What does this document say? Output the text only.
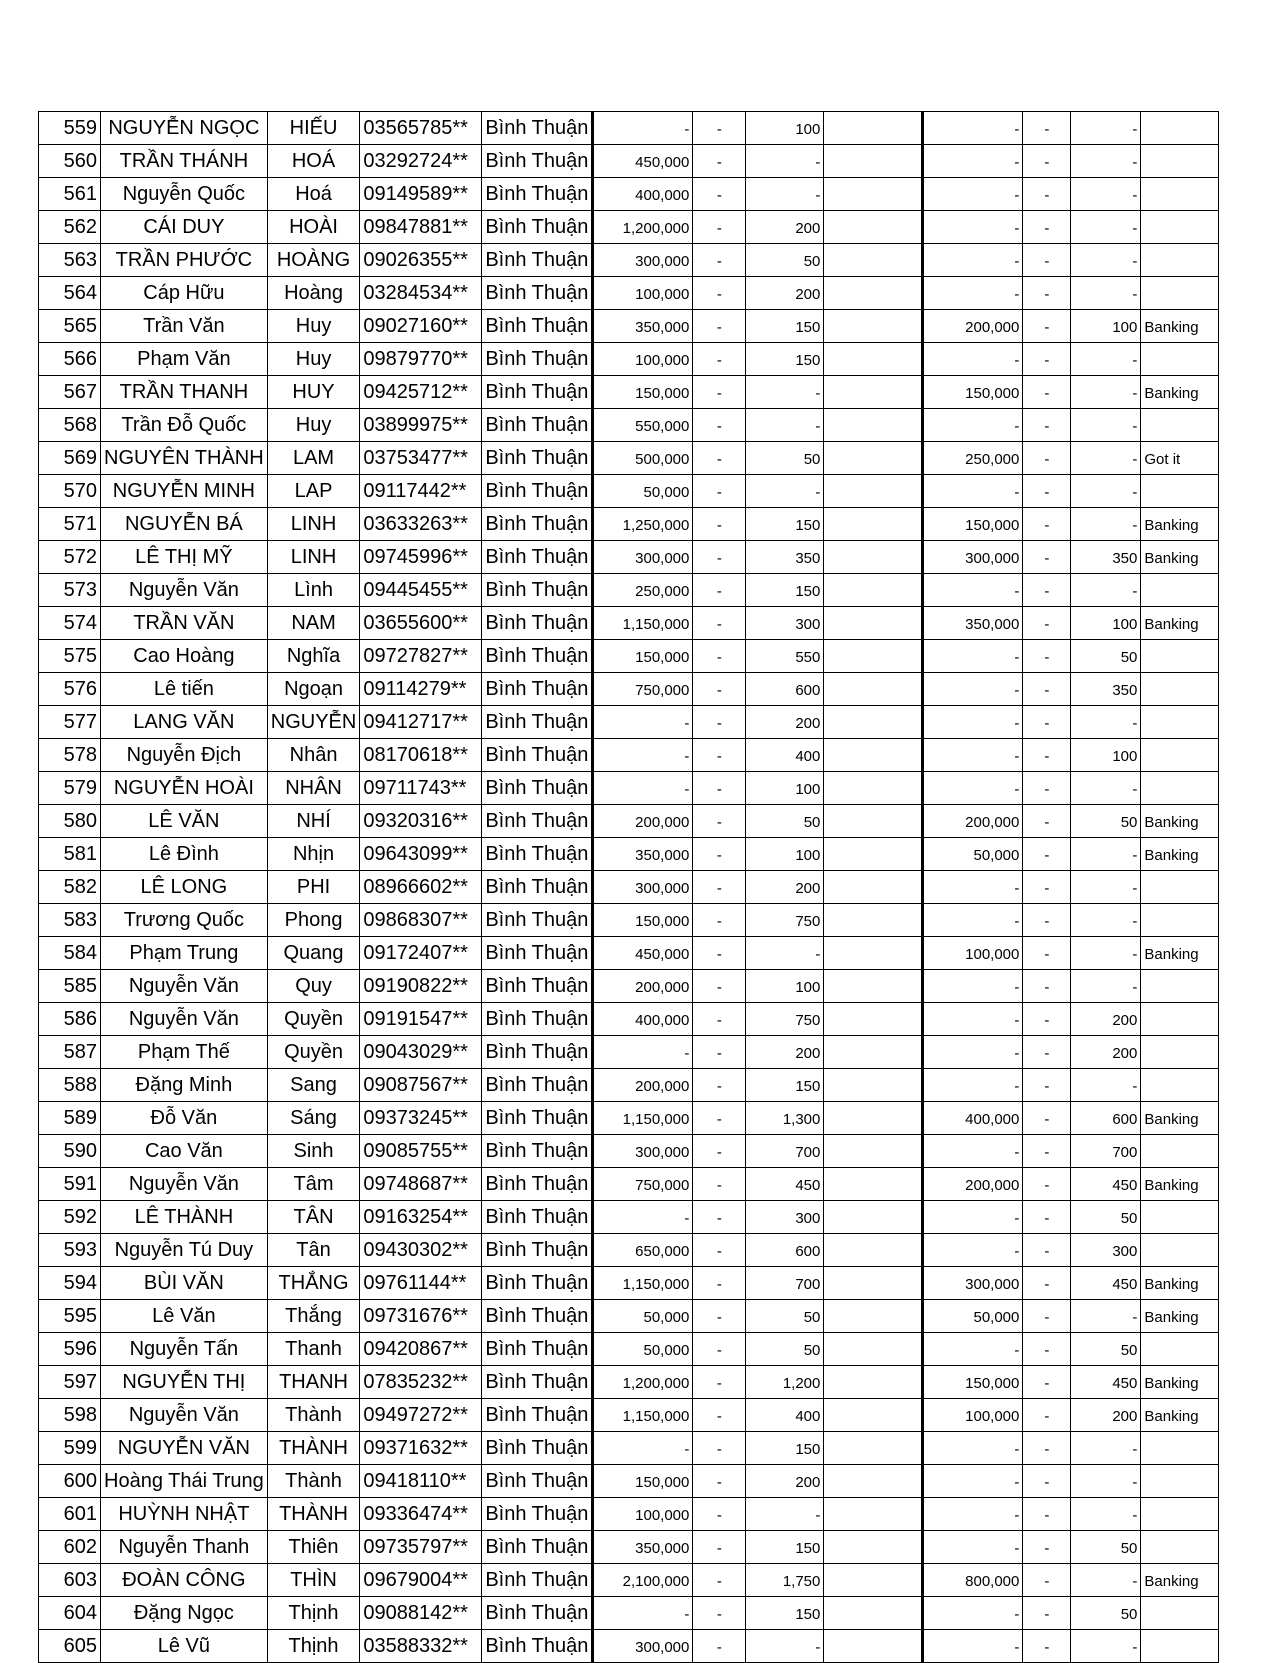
559	NGUYỄN NGỌC	HIẾU	03565785**	Bình Thuận	-	-	100		-	-	-	
560	TRẦN THÁNH	HOÁ	03292724**	Bình Thuận	450,000	-	-		-	-	-	
561	Nguyễn Quốc	Hoá	09149589**	Bình Thuận	400,000	-	-		-	-	-	
562	CÁI DUY	HOÀI	09847881**	Bình Thuận	1,200,000	-	200		-	-	-	
563	TRẦN PHƯỚC	HOÀNG	09026355**	Bình Thuận	300,000	-	50		-	-	-	
564	Cáp Hữu	Hoàng	03284534**	Bình Thuận	100,000	-	200		-	-	-	
565	Trần Văn	Huy	09027160**	Bình Thuận	350,000	-	150		200,000	-	100	Banking
566	Phạm Văn	Huy	09879770**	Bình Thuận	100,000	-	150		-	-	-	
567	TRẦN THANH	HUY	09425712**	Bình Thuận	150,000	-	-		150,000	-	-	Banking
568	Trần Đỗ Quốc	Huy	03899975**	Bình Thuận	550,000	-	-		-	-	-	
569	NGUYÊN THÀNH	LAM	03753477**	Bình Thuận	500,000	-	50		250,000	-	-	Got it
570	NGUYỄN MINH	LAP	09117442**	Bình Thuận	50,000	-	-		-	-	-	
571	NGUYỄN BÁ	LINH	03633263**	Bình Thuận	1,250,000	-	150		150,000	-	-	Banking
572	LÊ THỊ MỸ	LINH	09745996**	Bình Thuận	300,000	-	350		300,000	-	350	Banking
573	Nguyễn Văn	Lình	09445455**	Bình Thuận	250,000	-	150		-	-	-	
574	TRẦN VĂN	NAM	03655600**	Bình Thuận	1,150,000	-	300		350,000	-	100	Banking
575	Cao Hoàng	Nghĩa	09727827**	Bình Thuận	150,000	-	550		-	-	50	
576	Lê tiến	Ngoạn	09114279**	Bình Thuận	750,000	-	600		-	-	350	
577	LANG VĂN	NGUYỄN	09412717**	Bình Thuận	-	-	200		-	-	-	
578	Nguyễn Địch	Nhân	08170618**	Bình Thuận	-	-	400		-	-	100	
579	NGUYỄN HOÀI	NHÂN	09711743**	Bình Thuận	-	-	100		-	-	-	
580	LÊ VĂN	NHÍ	09320316**	Bình Thuận	200,000	-	50		200,000	-	50	Banking
581	Lê Đình	Nhịn	09643099**	Bình Thuận	350,000	-	100		50,000	-	-	Banking
582	LÊ LONG	PHI	08966602**	Bình Thuận	300,000	-	200		-	-	-	
583	Trương Quốc	Phong	09868307**	Bình Thuận	150,000	-	750		-	-	-	
584	Phạm Trung	Quang	09172407**	Bình Thuận	450,000	-	-		100,000	-	-	Banking
585	Nguyễn Văn	Quy	09190822**	Bình Thuận	200,000	-	100		-	-	-	
586	Nguyễn Văn	Quyền	09191547**	Bình Thuận	400,000	-	750		-	-	200	
587	Phạm Thế	Quyền	09043029**	Bình Thuận	-	-	200		-	-	200	
588	Đặng Minh	Sang	09087567**	Bình Thuận	200,000	-	150		-	-	-	
589	Đỗ Văn	Sáng	09373245**	Bình Thuận	1,150,000	-	1,300		400,000	-	600	Banking
590	Cao Văn	Sinh	09085755**	Bình Thuận	300,000	-	700		-	-	700	
591	Nguyễn Văn	Tâm	09748687**	Bình Thuận	750,000	-	450		200,000	-	450	Banking
592	LÊ THÀNH	TÂN	09163254**	Bình Thuận	-	-	300		-	-	50	
593	Nguyễn Tú Duy	Tân	09430302**	Bình Thuận	650,000	-	600		-	-	300	
594	BÙI VĂN	THẮNG	09761144**	Bình Thuận	1,150,000	-	700		300,000	-	450	Banking
595	Lê Văn	Thắng	09731676**	Bình Thuận	50,000	-	50		50,000	-	-	Banking
596	Nguyễn Tấn	Thanh	09420867**	Bình Thuận	50,000	-	50		-	-	50	
597	NGUYỄN THỊ	THANH	07835232**	Bình Thuận	1,200,000	-	1,200		150,000	-	450	Banking
598	Nguyễn Văn	Thành	09497272**	Bình Thuận	1,150,000	-	400		100,000	-	200	Banking
599	NGUYỄN VĂN	THÀNH	09371632**	Bình Thuận	-	-	150		-	-	-	
600	Hoàng Thái Trung	Thành	09418110**	Bình Thuận	150,000	-	200		-	-	-	
601	HUỲNH NHẬT	THÀNH	09336474**	Bình Thuận	100,000	-	-		-	-	-	
602	Nguyễn Thanh	Thiên	09735797**	Bình Thuận	350,000	-	150		-	-	50	
603	ĐOÀN CÔNG	THÌN	09679004**	Bình Thuận	2,100,000	-	1,750		800,000	-	-	Banking
604	Đặng Ngọc	Thịnh	09088142**	Bình Thuận	-	-	150		-	-	50	
605	Lê Vũ	Thịnh	03588332**	Bình Thuận	300,000	-	-		-	-	-	
